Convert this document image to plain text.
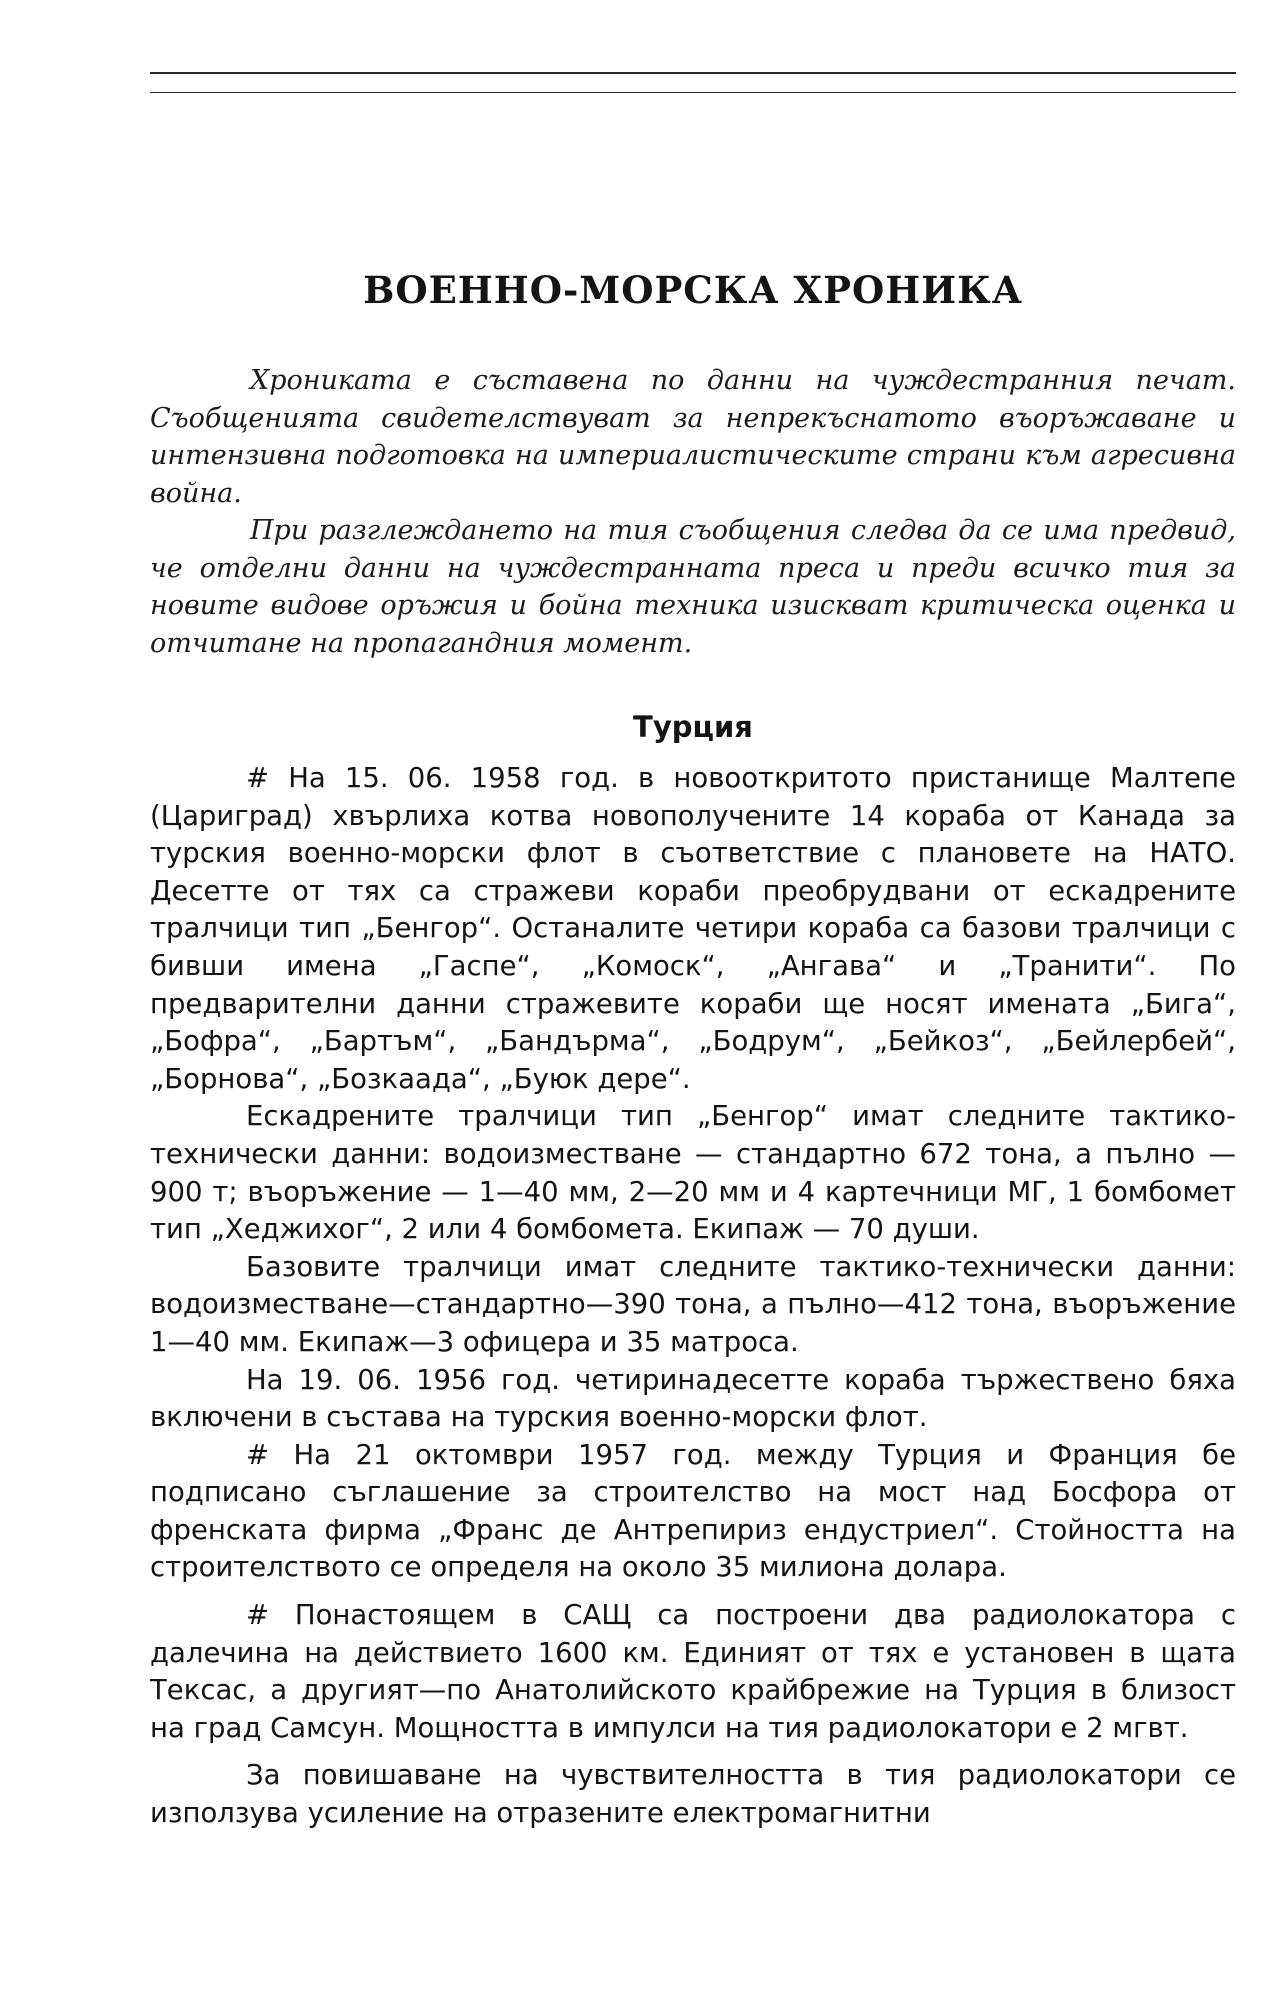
ВОЕННО-МОРСКА ХРОНИКА

Хрониката е съставена по данни на чуждестранния печат. Съобщенията свидетелствуват за непрекъснатото въоръжаване и интензивна подготовка на империалистическите страни към агресивна война.

При разглеждането на тия съобщения следва да се има предвид, че отделни данни на чуждестранната преса и преди всичко тия за новите видове оръжия и бойна техника изискват критическа оценка и отчитане на пропагандния момент.

Турция

# На 15. 06. 1958 год. в новооткритото пристанище Малтепе (Цариград) хвърлиха котва новополучените 14 кораба от Канада за турския военно-морски флот в съответствие с плановете на НАТО. Десетте от тях са стражеви кораби преобрудвани от ескадрените тралчици тип „Бенгор“. Останалите четири кораба са базови тралчици с бивши имена „Гаспе“, „Комоск“, „Ангава“ и „Транити“. По предварителни данни стражевите кораби ще носят имената „Бига“, „Бофра“, „Бартъм“, „Бандърма“, „Бодрум“, „Бейкоз“, „Бейлербей“, „Борнова“, „Бозкаада“, „Буюк дере“.

Ескадрените тралчици тип „Бенгор“ имат следните тактико-технически данни: водоизместване — стандартно 672 тона, а пълно — 900 т; въоръжение — 1—40 мм, 2—20 мм и 4 картечници МГ, 1 бомбомет тип „Хеджихог“, 2 или 4 бомбомета. Екипаж — 70 души.

Базовите тралчици имат следните тактико-технически данни: водоизместване—стандартно—390 тона, а пълно—412 тона, въоръжение 1—40 мм. Екипаж—3 офицера и 35 матроса.

На 19. 06. 1956 год. четиринадесетте кораба тържествено бяха включени в състава на турския военно-морски флот.

# На 21 октомври 1957 год. между Турция и Франция бе подписано съглашение за строителство на мост над Босфора от френската фирма „Франс де Антрепириз ендустриел“. Стойността на строителството се определя на около 35 милиона долара.

# Понастоящем в САЩ са построени два радиолокатора с далечина на действието 1600 км. Единият от тях е установен в щата Тексас, а другият—по Анатолийското крайбрежие на Турция в близост на град Самсун. Мощността в импулси на тия радиолокатори е 2 мгвт.

За повишаване на чувствителността в тия радиолокатори се използува усиление на отразените електромагнитни
